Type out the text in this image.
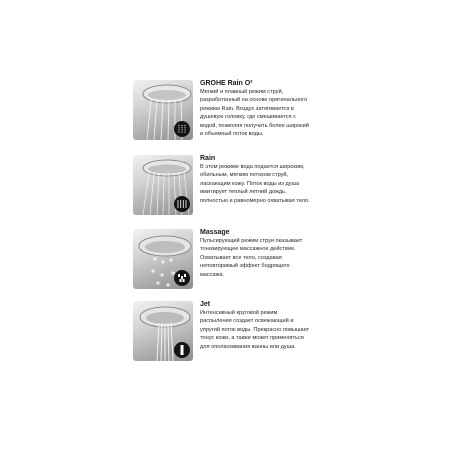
GROHE Rain O²

Мягкий и плавный режим струй,

разработанный на основе оригинального

режима Rain. Воздух затягивается в

душевую головку, где смешивается с

водой, позволяя получить более широкий

и объемный поток воды.

Rain

В этом режиме вода подается широким,

обильным, мягким потоком струй,

ласкающим кожу. Поток воды из душа

имитирует теплый летний дождь,

полностью и равномерно охватывая тело.

Massage

Пульсирующий режим струи оказывает

тонизирующее массажное действие.

Охватывает все тело, создавая

неповторимый эффект бодрящего

массажа.

Jet

Интенсивный круговой режим

распыления создает освежающий и

упругий поток воды. Прекрасно повышает

тонус кожи, а также может применяться

для ополаскивания ванны или душа.
